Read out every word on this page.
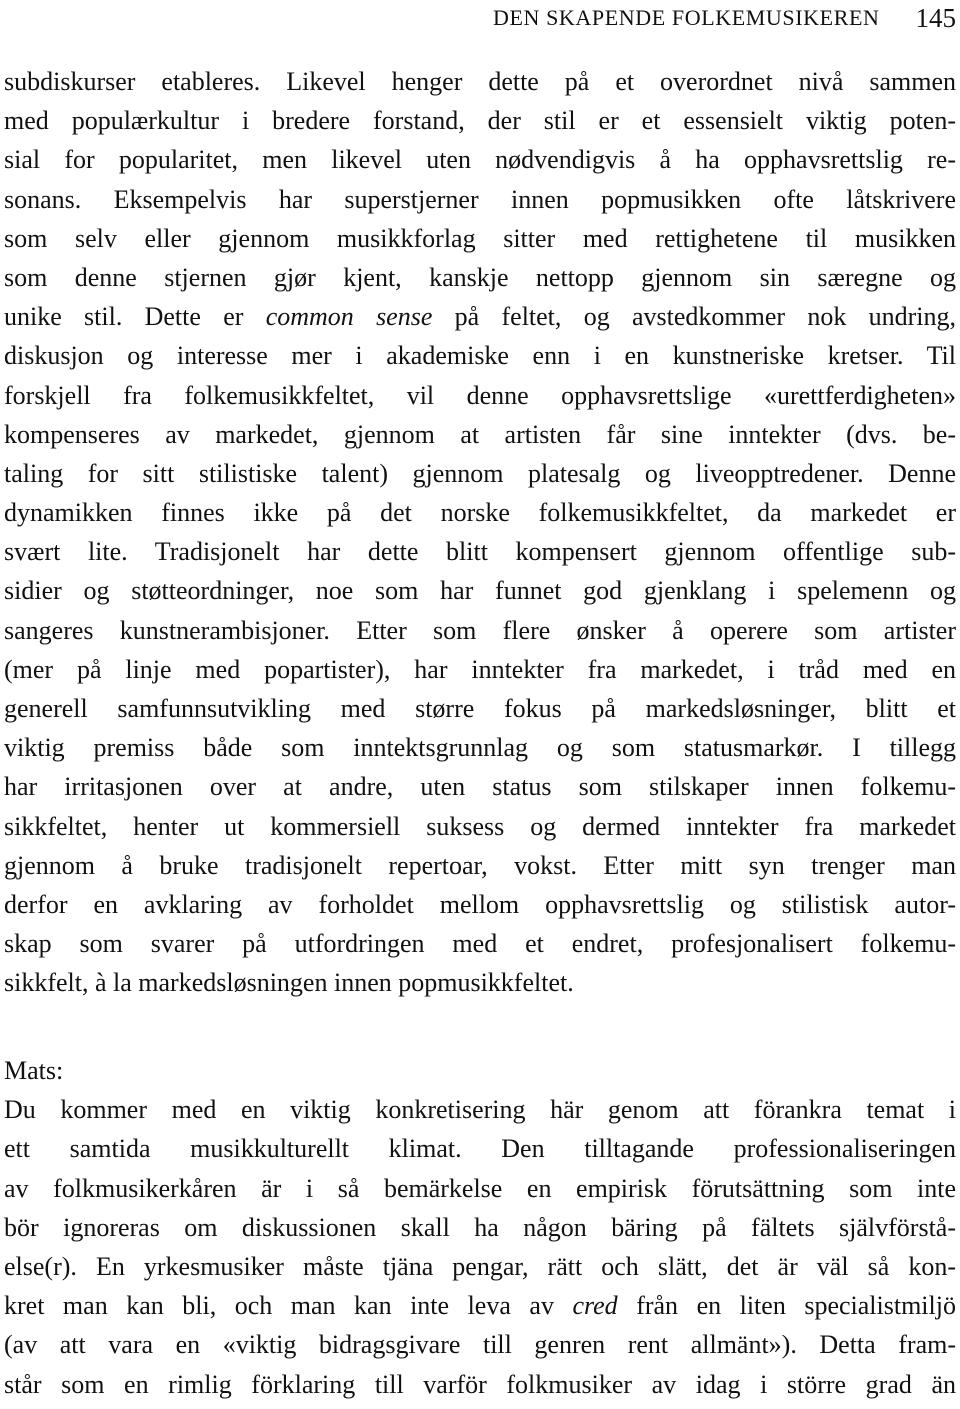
DEN SKAPENDE FOLKEMUSIKEREN 145
subdiskurser etableres. Likevel henger dette på et overordnet nivå sammen
med populærkultur i bredere forstand, der stil er et essensielt viktig poten-
sial for popularitet, men likevel uten nødvendigvis å ha opphavsrettslig re-
sonans. Eksempelvis har superstjerner innen popmusikken ofte låtskrivere
som selv eller gjennom musikkforlag sitter med rettighetene til musikken
som denne stjernen gjør kjent, kanskje nettopp gjennom sin særegne og
unike stil. Dette er common sense på feltet, og avstedkommer nok undring,
diskusjon og interesse mer i akademiske enn i en kunstneriske kretser. Til
forskjell fra folkemusikkfeltet, vil denne opphavsrettslige «urettferdigheten»
kompenseres av markedet, gjennom at artisten får sine inntekter (dvs. be-
taling for sitt stilistiske talent) gjennom platesalg og liveopptredener. Denne
dynamikken finnes ikke på det norske folkemusikkfeltet, da markedet er
svært lite. Tradisjonelt har dette blitt kompensert gjennom offentlige sub-
sidier og støtteordninger, noe som har funnet god gjenklang i spelemenn og
sangeres kunstnerambisjoner. Etter som flere ønsker å operere som artister
(mer på linje med popartister), har inntekter fra markedet, i tråd med en
generell samfunnsutvikling med større fokus på markedsløsninger, blitt et
viktig premiss både som inntektsgrunnlag og som statusmarkør. I tillegg
har irritasjonen over at andre, uten status som stilskaper innen folkemu-
sikkfeltet, henter ut kommersiell suksess og dermed inntekter fra markedet
gjennom å bruke tradisjonelt repertoar, vokst. Etter mitt syn trenger man
derfor en avklaring av forholdet mellom opphavsrettslig og stilistisk autor-
skap som svarer på utfordringen med et endret, profesjonalisert folkemu-
sikkfelt, à la markedsløsningen innen popmusikkfeltet.
Mats:
Du kommer med en viktig konkretisering här genom att förankra temat i
ett samtida musikkulturellt klimat. Den tilltagande professionaliseringen
av folkmusikerkåren är i så bemärkelse en empirisk förutsättning som inte
bör ignoreras om diskussionen skall ha någon bäring på fältets självförstå-
else(r). En yrkesmusiker måste tjäna pengar, rätt och slätt, det är väl så kon-
kret man kan bli, och man kan inte leva av cred från en liten specialistmiljö
(av att vara en «viktig bidragsgivare till genren rent allmänt»). Detta fram-
står som en rimlig förklaring till varför folkmusiker av idag i större grad än
